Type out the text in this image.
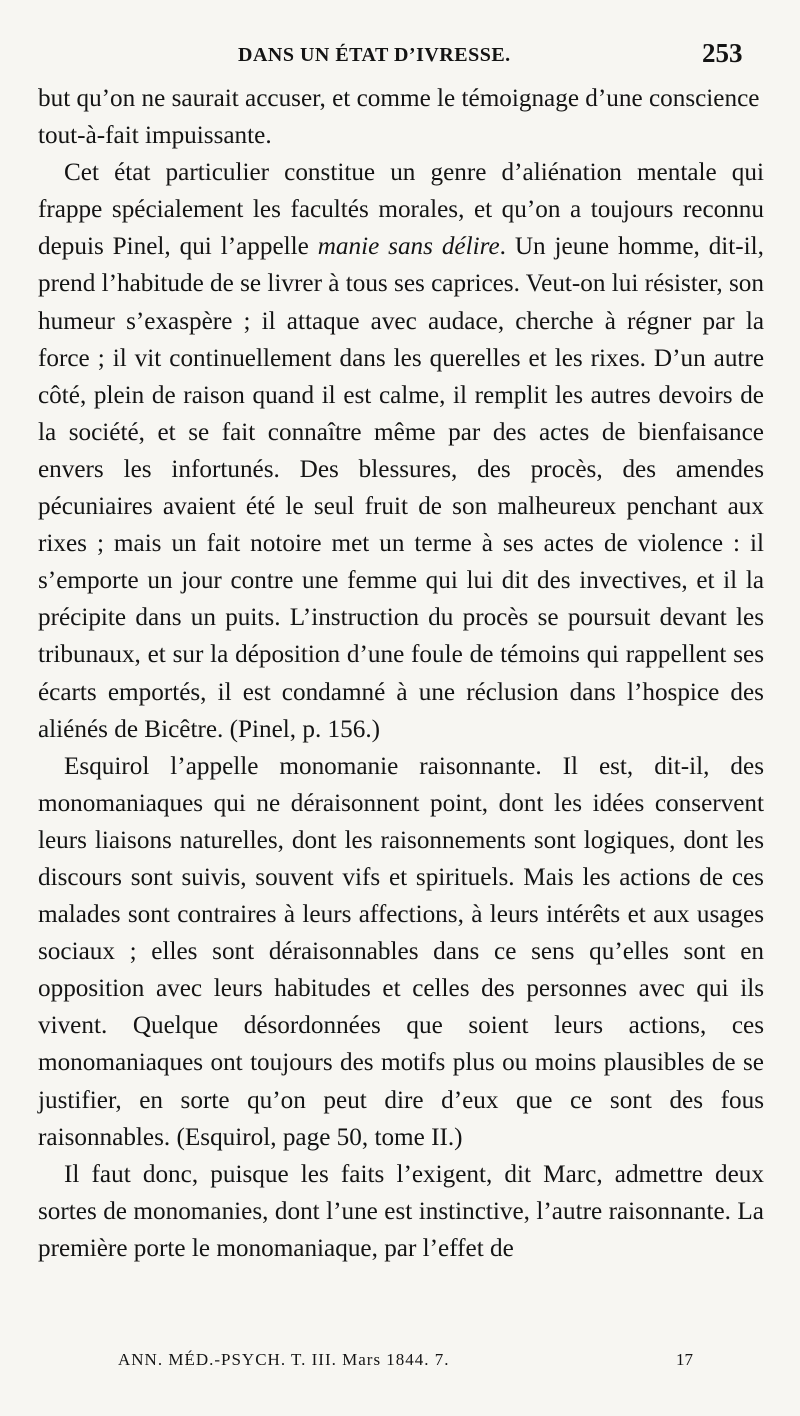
DANS UN ÉTAT D’IVRESSE.	253

but qu’on ne saurait accuser, et comme le témoignage d’une conscience tout-à-fait impuissante.

Cet état particulier constitue un genre d’aliénation mentale qui frappe spécialement les facultés morales, et qu’on a toujours reconnu depuis Pinel, qui l’appelle manie sans délire. Un jeune homme, dit-il, prend l’habitude de se livrer à tous ses caprices. Veut-on lui résister, son humeur s’exaspère ; il attaque avec audace, cherche à régner par la force ; il vit continuellement dans les querelles et les rixes. D’un autre côté, plein de raison quand il est calme, il remplit les autres devoirs de la société, et se fait connaître même par des actes de bienfaisance envers les infortunés. Des blessures, des procès, des amendes pécuniaires avaient été le seul fruit de son malheureux penchant aux rixes ; mais un fait notoire met un terme à ses actes de violence : il s’emporte un jour contre une femme qui lui dit des invectives, et il la précipite dans un puits. L’instruction du procès se poursuit devant les tribunaux, et sur la déposition d’une foule de témoins qui rappellent ses écarts emportés, il est condamné à une réclusion dans l’hospice des aliénés de Bicêtre. (Pinel, p. 156.)

Esquirol l’appelle monomanie raisonnante. Il est, dit-il, des monomaniaques qui ne déraisonnent point, dont les idées conservent leurs liaisons naturelles, dont les raisonnements sont logiques, dont les discours sont suivis, souvent vifs et spirituels. Mais les actions de ces malades sont contraires à leurs affections, à leurs intérêts et aux usages sociaux ; elles sont déraisonnables dans ce sens qu’elles sont en opposition avec leurs habitudes et celles des personnes avec qui ils vivent. Quelque désordonnées que soient leurs actions, ces monomaniaques ont toujours des motifs plus ou moins plausibles de se justifier, en sorte qu’on peut dire d’eux que ce sont des fous raisonnables. (Esquirol, page 50, tome II.)

Il faut donc, puisque les faits l’exigent, dit Marc, admettre deux sortes de monomanies, dont l’une est instinctive, l’autre raisonnante. La première porte le monomaniaque, par l’effet de

ANN. MÉD.-PSYCH. T. III. Mars 1844. 7.	17
